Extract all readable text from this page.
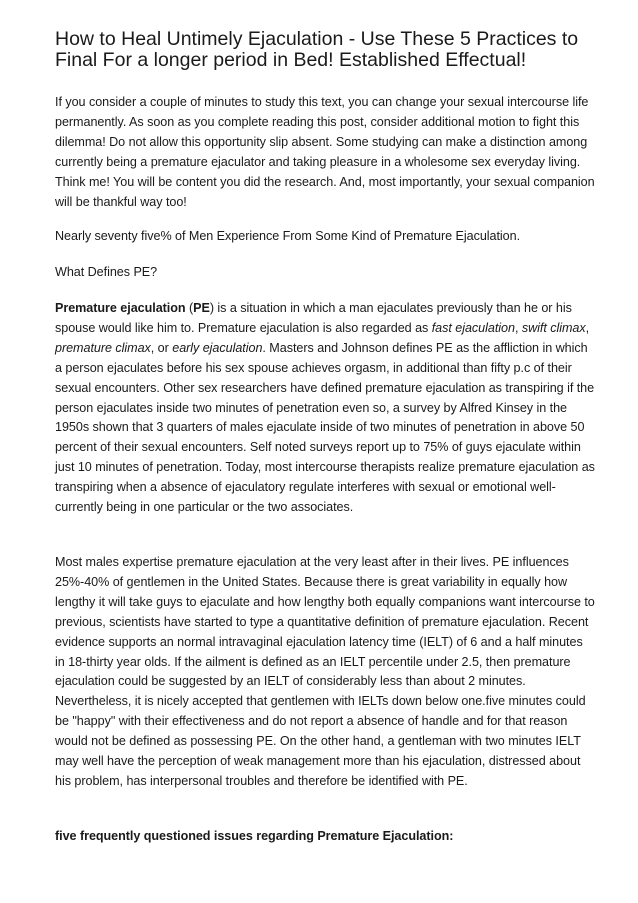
How to Heal Untimely Ejaculation - Use These 5 Practices to Final For a longer period in Bed! Established Effectual!

If you consider a couple of minutes to study this text, you can change your sexual intercourse life permanently. As soon as you complete reading this post, consider additional motion to fight this dilemma! Do not allow this opportunity slip absent. Some studying can make a distinction among currently being a premature ejaculator and taking pleasure in a wholesome sex everyday living. Think me! You will be content you did the research. And, most importantly, your sexual companion will be thankful way too!

Nearly seventy five% of Men Experience From Some Kind of Premature Ejaculation.

What Defines PE?

Premature ejaculation (PE) is a situation in which a man ejaculates previously than he or his spouse would like him to. Premature ejaculation is also regarded as fast ejaculation, swift climax, premature climax, or early ejaculation. Masters and Johnson defines PE as the affliction in which a person ejaculates before his sex spouse achieves orgasm, in additional than fifty p.c of their sexual encounters. Other sex researchers have defined premature ejaculation as transpiring if the person ejaculates inside two minutes of penetration even so, a survey by Alfred Kinsey in the 1950s shown that 3 quarters of males ejaculate inside of two minutes of penetration in above 50 percent of their sexual encounters. Self noted surveys report up to 75% of guys ejaculate within just 10 minutes of penetration. Today, most intercourse therapists realize premature ejaculation as transpiring when a absence of ejaculatory regulate interferes with sexual or emotional well-currently being in one particular or the two associates.

Most males expertise premature ejaculation at the very least after in their lives. PE influences 25%-40% of gentlemen in the United States. Because there is great variability in equally how lengthy it will take guys to ejaculate and how lengthy both equally companions want intercourse to previous, scientists have started to type a quantitative definition of premature ejaculation. Recent evidence supports an normal intravaginal ejaculation latency time (IELT) of 6 and a half minutes in 18-thirty year olds. If the ailment is defined as an IELT percentile under 2.5, then premature ejaculation could be suggested by an IELT of considerably less than about 2 minutes. Nevertheless, it is nicely accepted that gentlemen with IELTs down below one.five minutes could be "happy" with their effectiveness and do not report a absence of handle and for that reason would not be defined as possessing PE. On the other hand, a gentleman with two minutes IELT may well have the perception of weak management more than his ejaculation, distressed about his problem, has interpersonal troubles and therefore be identified with PE.

five frequently questioned issues regarding Premature Ejaculation:
